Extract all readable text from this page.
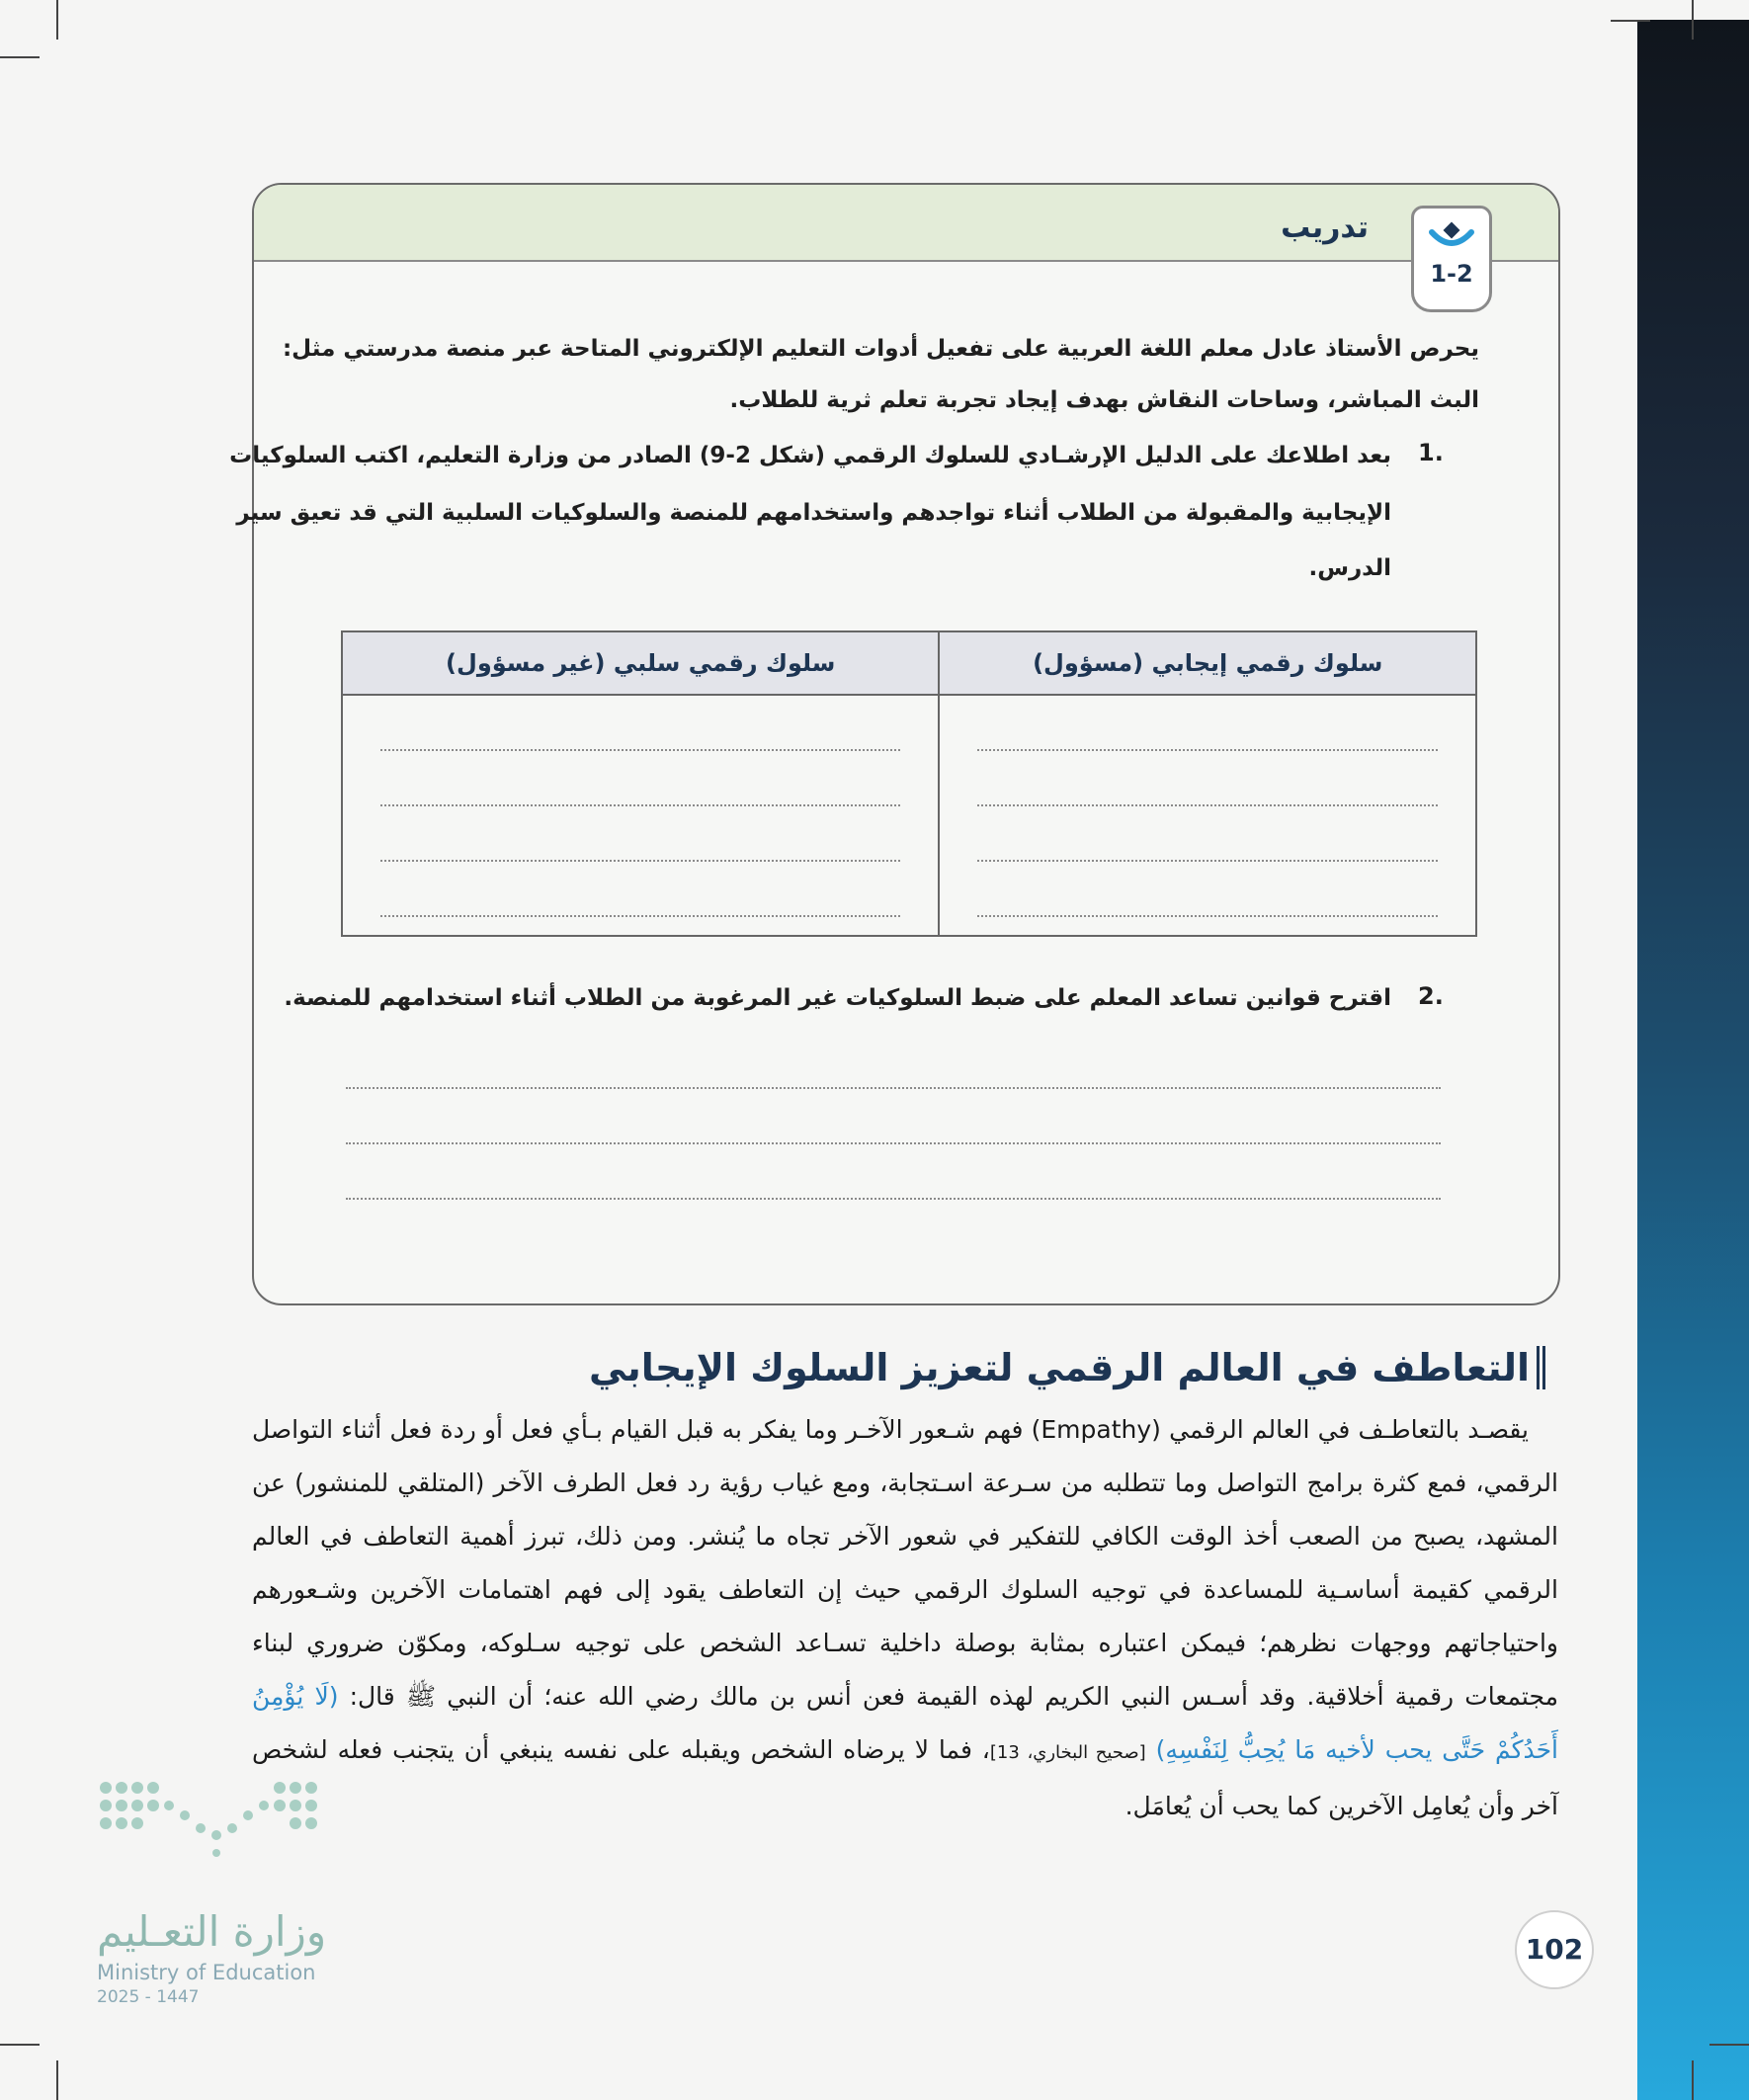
تدريب
1-2
يحرص الأستاذ عادل معلم اللغة العربية على تفعيل أدوات التعليم الإلكتروني المتاحة عبر منصة مدرستي مثل:
البث المباشر، وساحات النقاش بهدف إيجاد تجربة تعلم ثرية للطلاب.
1.
بعد اطلاعك على الدليل الإرشـادي للسلوك الرقمي (شكل 2-9) الصادر من وزارة التعليم، اكتب السلوكيات
الإيجابية والمقبولة من الطلاب أثناء تواجدهم واستخدامهم للمنصة والسلوكيات السلبية التي قد تعيق سير
الدرس.
سلوك رقمي إيجابي (مسؤول)	سلوك رقمي سلبي (غير مسؤول)

2.
اقترح قوانين تساعد المعلم على ضبط السلوكيات غير المرغوبة من الطلاب أثناء استخدامهم للمنصة.
التعاطف في العالم الرقمي لتعزيز السلوك الإيجابي

يقصـد بالتعاطـف في العالم الرقمي (Empathy) فهم شـعور الآخـر وما يفكر به قبل القيام بـأي فعل أو ردة فعل أثناء التواصل الرقمي، فمع كثرة برامج التواصل وما تتطلبه من سـرعة اسـتجابة، ومع غياب رؤية رد فعل الطرف الآخر (المتلقي للمنشور) عن المشهد، يصبح من الصعب أخذ الوقت الكافي للتفكير في شعور الآخر تجاه ما يُنشر. ومن ذلك، تبرز أهمية التعاطف في العالم الرقمي كقيمة أساسـية للمساعدة في توجيه السلوك الرقمي حيث إن التعاطف يقود إلى فهم اهتمامات الآخرين وشـعورهم واحتياجاتهم ووجهات نظرهم؛ فيمكن اعتباره بمثابة بوصلة داخلية تسـاعد الشخص على توجيه سـلوكه، ومكوّن ضروري لبناء مجتمعات رقمية أخلاقية. وقد أسـس النبي الكريم لهذه القيمة فعن أنس بن مالك رضي الله عنه؛ أن النبي ﷺ قال: (لَا يُؤْمِنُ أَحَدُكُمْ حَتَّى يحب لأخيه مَا يُحِبُّ لِنَفْسِهِ) [صحيح البخاري، 13]، فما لا يرضاه الشخص ويقبله على نفسه ينبغي أن يتجنب فعله لشخص آخر وأن يُعامِل الآخرين كما يحب أن يُعامَل.

102
وزارة التعـليم
Ministry of Education
2025 - 1447
